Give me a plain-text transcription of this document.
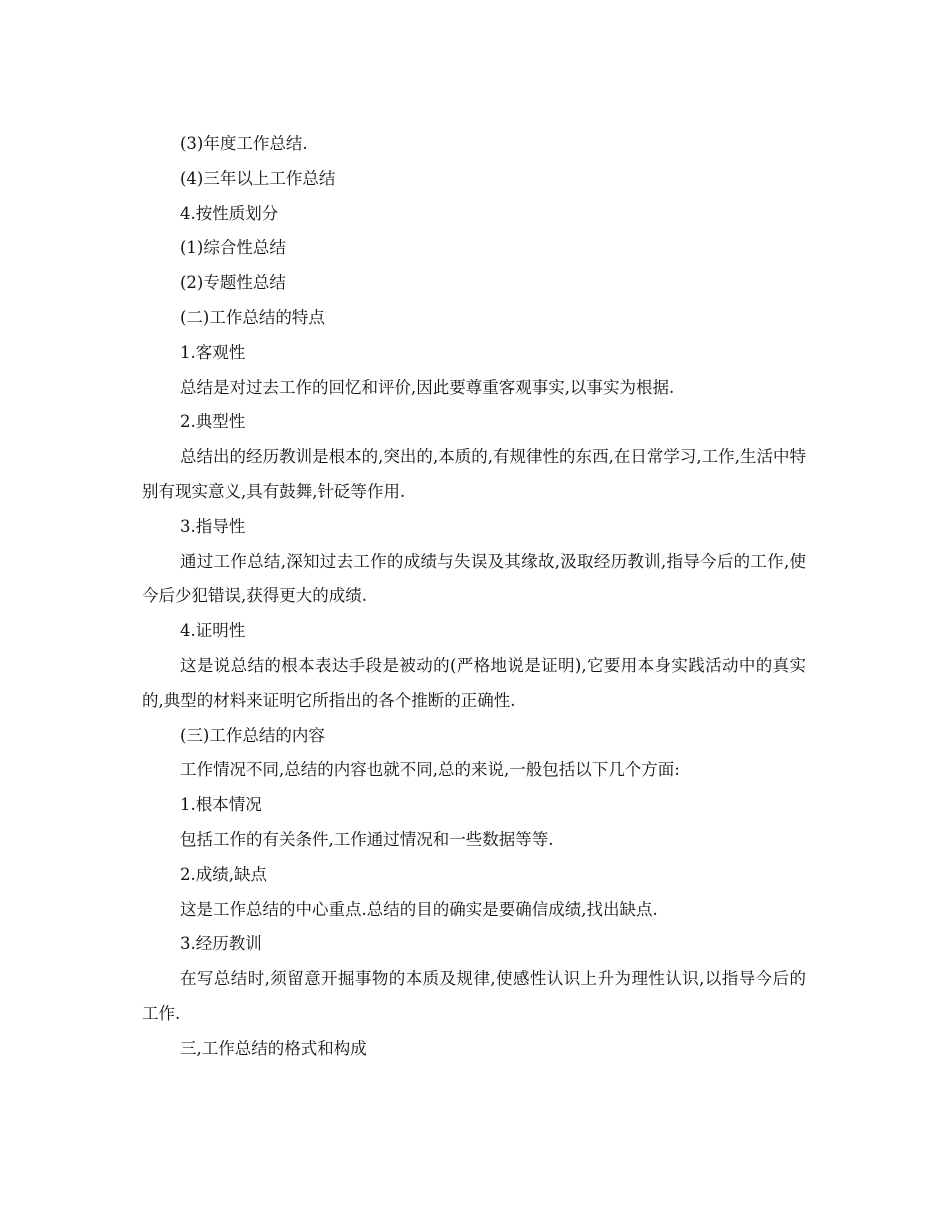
(3)年度工作总结.

(4)三年以上工作总结

4.按性质划分

(1)综合性总结

(2)专题性总结

(二)工作总结的特点

1.客观性

总结是对过去工作的回忆和评价,因此要尊重客观事实,以事实为根据.

2.典型性

总结出的经历教训是根本的,突出的,本质的,有规律性的东西,在日常学习,工作,生活中特别有现实意义,具有鼓舞,针砭等作用.

3.指导性

通过工作总结,深知过去工作的成绩与失误及其缘故,汲取经历教训,指导今后的工作,使今后少犯错误,获得更大的成绩.

4.证明性

这是说总结的根本表达手段是被动的(严格地说是证明),它要用本身实践活动中的真实的,典型的材料来证明它所指出的各个推断的正确性.

(三)工作总结的内容

工作情况不同,总结的内容也就不同,总的来说,一般包括以下几个方面:

1.根本情况

包括工作的有关条件,工作通过情况和一些数据等等.

2.成绩,缺点

这是工作总结的中心重点.总结的目的确实是要确信成绩,找出缺点.

3.经历教训

在写总结时,须留意开掘事物的本质及规律,使感性认识上升为理性认识,以指导今后的工作.

三,工作总结的格式和构成
